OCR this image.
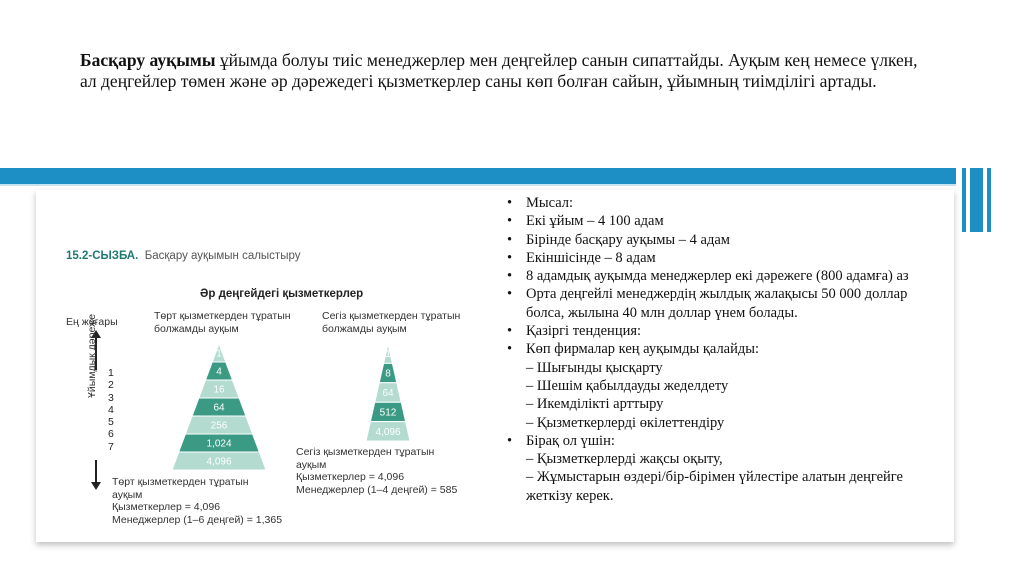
Басқару ауқымы ұйымда болуы тиіс менеджерлер мен деңгейлер санын сипаттайды. Ауқым кең немесе үлкен, ал деңгейлер төмен және әр дәрежедегі қызметкерлер саны көп болған сайын, ұйымның тиімділігі артады.
15.2-СЫЗБА. Басқару ауқымын салыстыру
Әр деңгейдегі қызметкерлер
Ең жоғары
Ұйымдық дәреже 1
2
3
4
5
6
7
Төрт қызметкерден тұратын
болжамды ауқым
Сегіз қызметкерден тұратын
болжамды ауқым
1
4
16
64
256
1,024
4,096
1
8
64
512
4,096
Төрт қызметкерден тұратын
ауқым
Қызметкерлер = 4,096
Менеджерлер (1–6 деңгей) = 1,365
Сегіз қызметкерден тұратын
ауқым
Қызметкерлер = 4,096
Менеджерлер (1–4 деңгей) = 585
• Мысал:
• Екі ұйым – 4 100 адам
• Бірінде басқару ауқымы – 4 адам
• Екіншісінде – 8 адам
• 8 адамдық ауқымда менеджерлер екі дәрежеге (800 адамға) аз
• Орта деңгейлі менеджердің жылдық жалақысы 50 000 доллар болса, жылына 40 млн доллар үнем болады.
• Қазіргі тенденция:
• Көп фирмалар кең ауқымды қалайды:
– Шығынды қысқарту
– Шешім қабылдауды жеделдету
– Икемділікті арттыру
– Қызметкерлерді өкілеттендіру
• Бірақ ол үшін:
– Қызметкерлерді жақсы оқыту,
– Жұмыстарын өздері/бір-бірімен үйлестіре алатын деңгейге жеткізу керек.
